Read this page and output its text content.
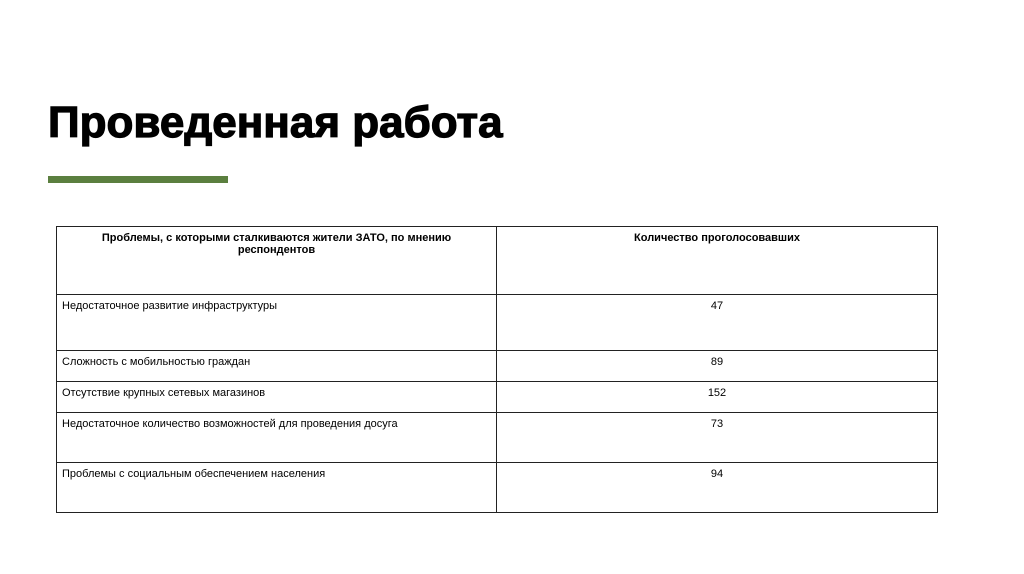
Проведенная работа
Проблемы, с которыми сталкиваются жители ЗАТО, по мнению респондентов	Количество проголосовавших
Недостаточное развитие инфраструктуры	47
Сложность с мобильностью граждан	89
Отсутствие крупных сетевых магазинов	152
Недостаточное количество возможностей для проведения досуга	73
Проблемы с социальным обеспечением населения	94
